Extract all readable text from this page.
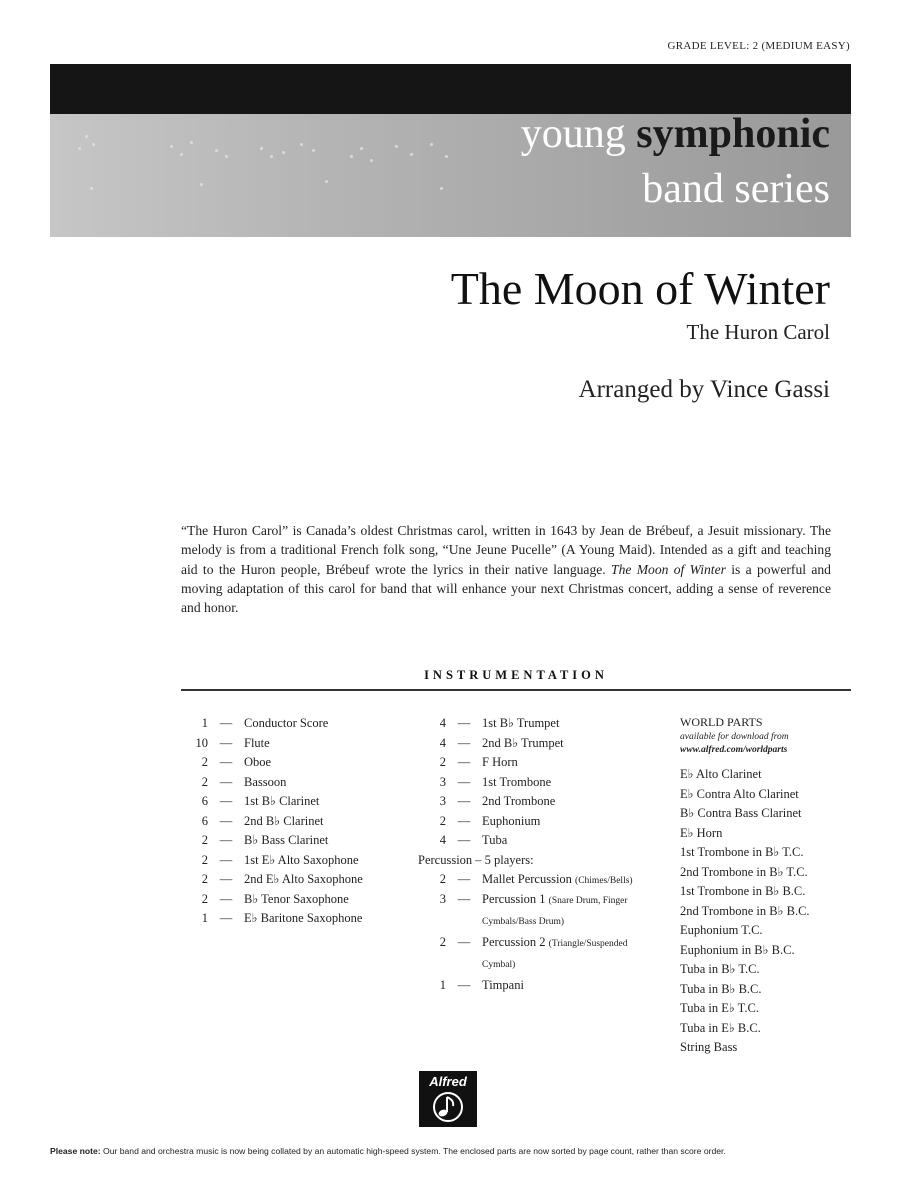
GRADE LEVEL: 2 (MEDIUM EASY)
young symphonic
band series
The Moon of Winter
The Huron Carol
Arranged by Vince Gassi

“The Huron Carol” is Canada’s oldest Christmas carol, written in 1643 by Jean de Brébeuf, a Jesuit missionary. The melody is from a traditional French folk song, “Une Jeune Pucelle” (A Young Maid). Intended as a gift and teaching aid to the Huron people, Brébeuf wrote the lyrics in their native language. The Moon of Winter is a powerful and moving adaptation of this carol for band that will enhance your next Christmas concert, adding a sense of reverence and honor.

INSTRUMENTATION
1 — Conductor Score
10 — Flute
2 — Oboe
2 — Bassoon
6 — 1st B♭ Clarinet
6 — 2nd B♭ Clarinet
2 — B♭ Bass Clarinet
2 — 1st E♭ Alto Saxophone
2 — 2nd E♭ Alto Saxophone
2 — B♭ Tenor Saxophone
1 — E♭ Baritone Saxophone
4 — 1st B♭ Trumpet
4 — 2nd B♭ Trumpet
2 — F Horn
3 — 1st Trombone
3 — 2nd Trombone
2 — Euphonium
4 — Tuba
Percussion – 5 players:
2 — Mallet Percussion (Chimes/Bells)
3 — Percussion 1 (Snare Drum, Finger Cymbals/Bass Drum)
2 — Percussion 2 (Triangle/Suspended Cymbal)
1 — Timpani
WORLD PARTS
available for download from
www.alfred.com/worldparts
E♭ Alto Clarinet
E♭ Contra Alto Clarinet
B♭ Contra Bass Clarinet
E♭ Horn
1st Trombone in B♭ T.C.
2nd Trombone in B♭ T.C.
1st Trombone in B♭ B.C.
2nd Trombone in B♭ B.C.
Euphonium T.C.
Euphonium in B♭ B.C.
Tuba in B♭ T.C.
Tuba in B♭ B.C.
Tuba in E♭ T.C.
Tuba in E♭ B.C.
String Bass
Alfred

Please note: Our band and orchestra music is now being collated by an automatic high-speed system. The enclosed parts are now sorted by page count, rather than score order.
